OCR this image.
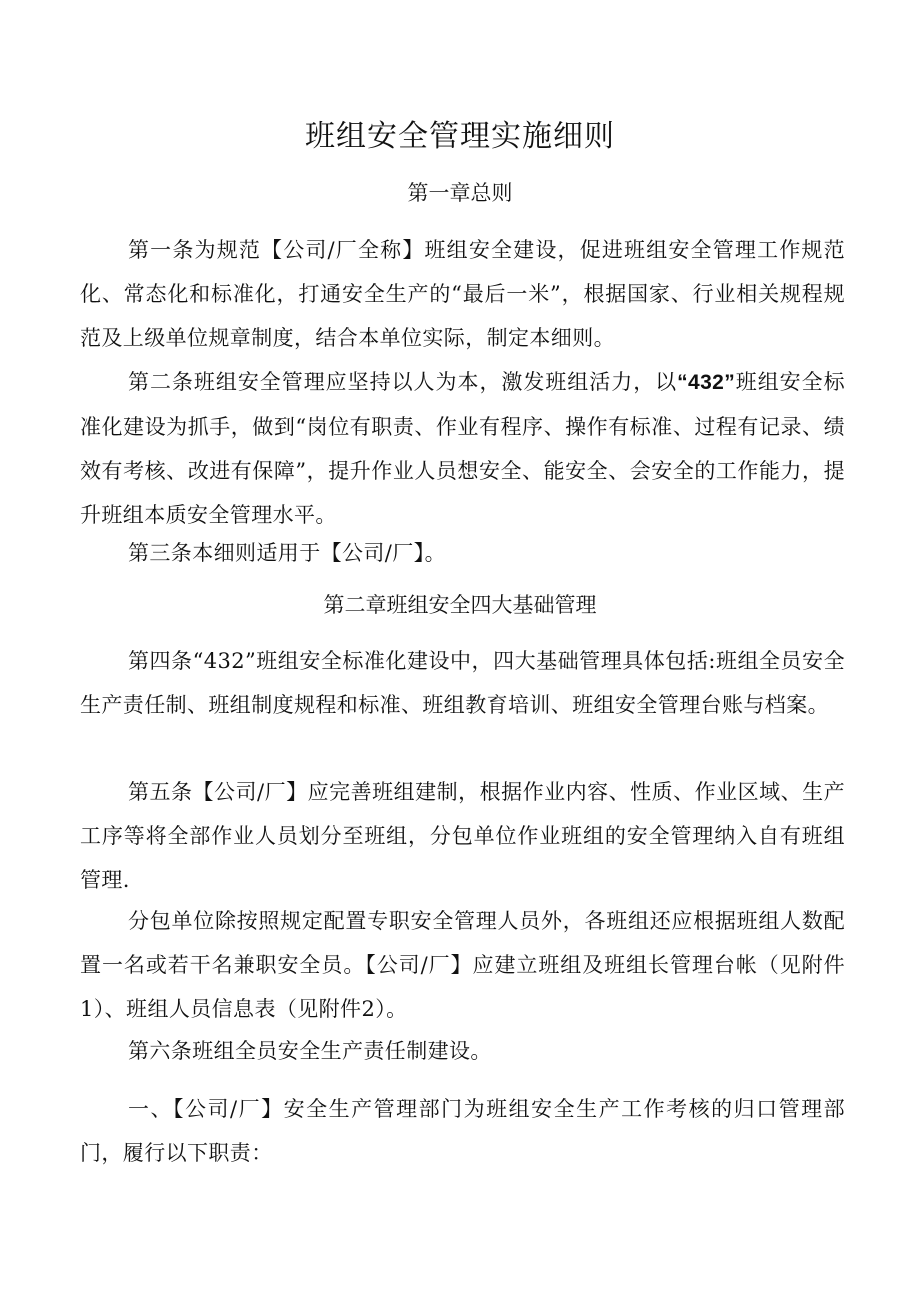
班组安全管理实施细则
第一章总则

第一条为规范【公司/厂全称】班组安全建设，促进班组安全管理工作规范化、常态化和标准化，打通安全生产的“最后一米”，根据国家、行业相关规程规范及上级单位规章制度，结合本单位实际，制定本细则。

第二条班组安全管理应坚持以人为本，激发班组活力，以“432”班组安全标准化建设为抓手，做到“岗位有职责、作业有程序、操作有标准、过程有记录、绩效有考核、改进有保障”，提升作业人员想安全、能安全、会安全的工作能力，提升班组本质安全管理水平。

第三条本细则适用于【公司/厂】。

第二章班组安全四大基础管理

第四条“432”班组安全标准化建设中，四大基础管理具体包括:班组全员安全生产责任制、班组制度规程和标准、班组教育培训、班组安全管理台账与档案。

第五条【公司/厂】应完善班组建制，根据作业内容、性质、作业区域、生产工序等将全部作业人员划分至班组，分包单位作业班组的安全管理纳入自有班组管理.

分包单位除按照规定配置专职安全管理人员外，各班组还应根据班组人数配置一名或若干名兼职安全员。【公司/厂】应建立班组及班组长管理台帐（见附件1）、班组人员信息表（见附件2）。

第六条班组全员安全生产责任制建设。

一、【公司/厂】安全生产管理部门为班组安全生产工作考核的归口管理部门，履行以下职责：
